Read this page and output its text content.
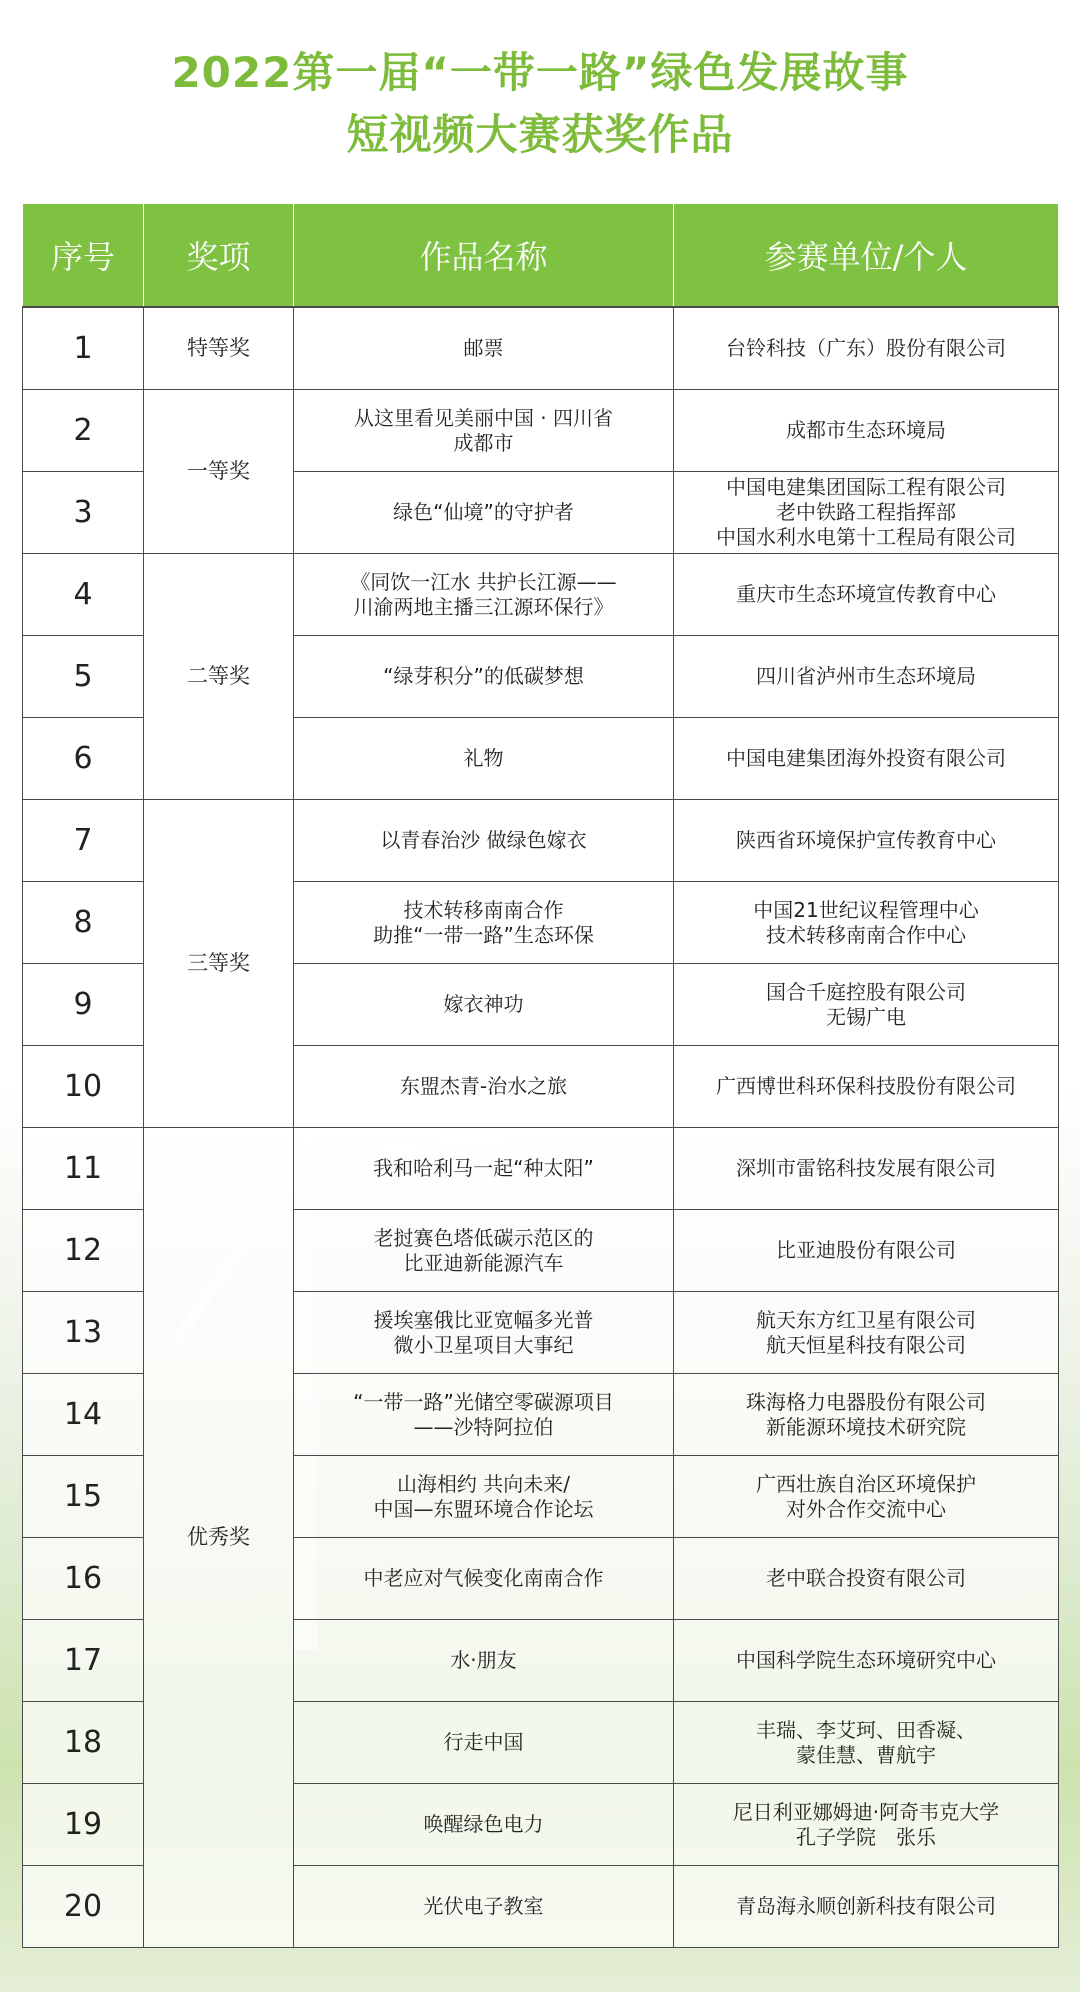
2022第一届“一带一路”绿色发展故事
短视频大赛获奖作品
序号	奖项	作品名称	参赛单位/个人
1	特等奖	邮票	台铃科技（广东）股份有限公司

2	一等奖	从这里看见美丽中国 · 四川省
成都市	成都市生态环境局

3		绿色“仙境”的守护者	中国电建集团国际工程有限公司
老中铁路工程指挥部
中国水利水电第十工程局有限公司

4	二等奖	《同饮一江水 共护长江源——
川渝两地主播三江源环保行》	重庆市生态环境宣传教育中心

5		“绿芽积分”的低碳梦想	四川省泸州市生态环境局

6		礼物	中国电建集团海外投资有限公司

7	三等奖	以青春治沙 做绿色嫁衣	陕西省环境保护宣传教育中心

8		技术转移南南合作
助推“一带一路”生态环保	中国21世纪议程管理中心
技术转移南南合作中心

9		嫁衣神功	国合千庭控股有限公司
无锡广电

10		东盟杰青-治水之旅	广西博世科环保科技股份有限公司

11	优秀奖	我和哈利马一起“种太阳”	深圳市雷铭科技发展有限公司

12		老挝赛色塔低碳示范区的
比亚迪新能源汽车	比亚迪股份有限公司

13		援埃塞俄比亚宽幅多光普
微小卫星项目大事纪	航天东方红卫星有限公司
航天恒星科技有限公司

14		“一带一路”光储空零碳源项目
——沙特阿拉伯	珠海格力电器股份有限公司
新能源环境技术研究院

15		山海相约 共向未来/
中国—东盟环境合作论坛	广西壮族自治区环境保护
对外合作交流中心

16		中老应对气候变化南南合作	老中联合投资有限公司

17		水·朋友	中国科学院生态环境研究中心

18		行走中国	丰瑞、李艾珂、田香凝、
蒙佳慧、曹航宇

19		唤醒绿色电力	尼日利亚娜姆迪·阿奇韦克大学
孔子学院　张乐

20		光伏电子教室	青岛海永顺创新科技有限公司
